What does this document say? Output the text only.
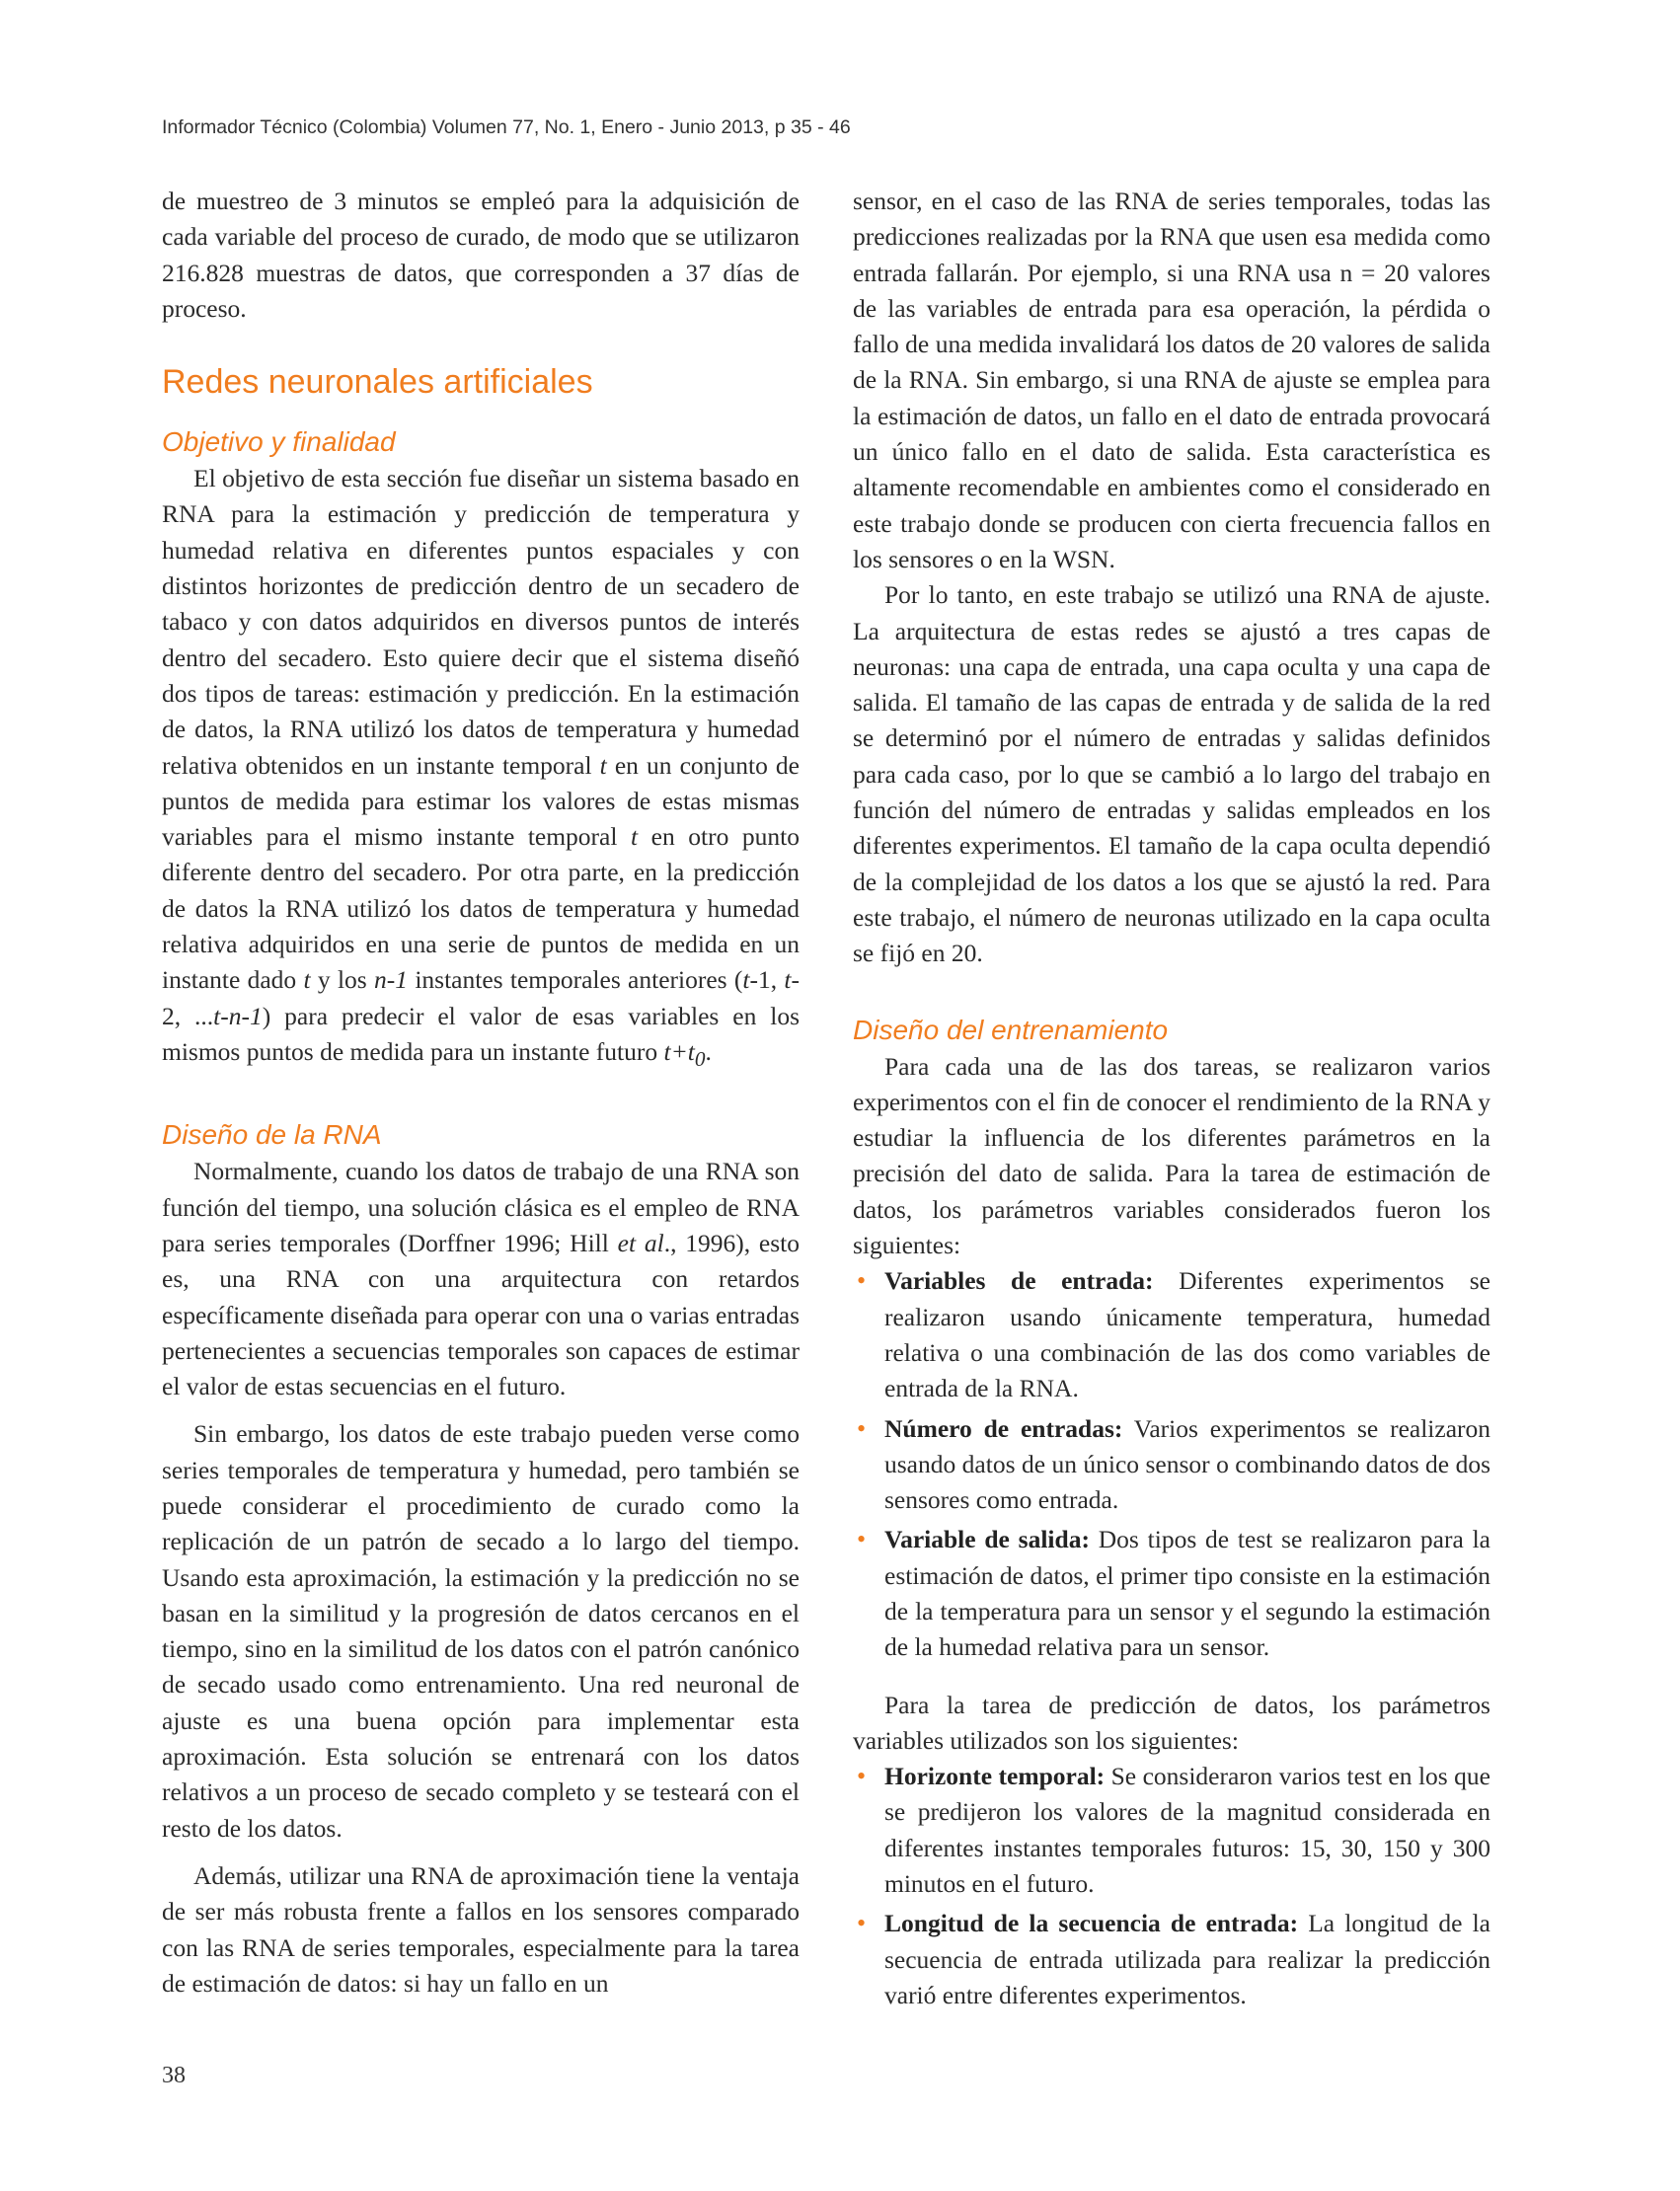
Informador Técnico (Colombia) Volumen 77, No. 1, Enero - Junio 2013, p 35 - 46

de muestreo de 3 minutos se empleó para la adquisición de cada variable del proceso de curado, de modo que se utilizaron 216.828 muestras de datos, que corresponden a 37 días de proceso.

Redes neuronales artificiales
Objetivo y finalidad

El objetivo de esta sección fue diseñar un sistema basado en RNA para la estimación y predicción de temperatura y humedad relativa en diferentes puntos espaciales y con distintos horizontes de predicción dentro de un secadero de tabaco y con datos adquiridos en diversos puntos de interés dentro del secadero. Esto quiere decir que el sistema diseñó dos tipos de tareas: estimación y predicción. En la estimación de datos, la RNA utilizó los datos de temperatura y humedad relativa obtenidos en un instante temporal t en un conjunto de puntos de medida para estimar los valores de estas mismas variables para el mismo instante temporal t en otro punto diferente dentro del secadero. Por otra parte, en la predicción de datos la RNA utilizó los datos de temperatura y humedad relativa adquiridos en una serie de puntos de medida en un instante dado t y los n-1 instantes temporales anteriores (t-1, t-2, ...t-n-1) para predecir el valor de esas variables en los mismos puntos de medida para un instante futuro $t+t_0$.

Diseño de la RNA

Normalmente, cuando los datos de trabajo de una RNA son función del tiempo, una solución clásica es el empleo de RNA para series temporales (Dorffner 1996; Hill et al., 1996), esto es, una RNA con una arquitectura con retardos específicamente diseñada para operar con una o varias entradas pertenecientes a secuencias temporales son capaces de estimar el valor de estas secuencias en el futuro.

Sin embargo, los datos de este trabajo pueden verse como series temporales de temperatura y humedad, pero también se puede considerar el procedimiento de curado como la replicación de un patrón de secado a lo largo del tiempo. Usando esta aproximación, la estimación y la predicción no se basan en la similitud y la progresión de datos cercanos en el tiempo, sino en la similitud de los datos con el patrón canónico de secado usado como entrenamiento. Una red neuronal de ajuste es una buena opción para implementar esta aproximación. Esta solución se entrenará con los datos relativos a un proceso de secado completo y se testeará con el resto de los datos.

Además, utilizar una RNA de aproximación tiene la ventaja de ser más robusta frente a fallos en los sensores comparado con las RNA de series temporales, especialmente para la tarea de estimación de datos: si hay un fallo en un

sensor, en el caso de las RNA de series temporales, todas las predicciones realizadas por la RNA que usen esa medida como entrada fallarán. Por ejemplo, si una RNA usa n = 20 valores de las variables de entrada para esa operación, la pérdida o fallo de una medida invalidará los datos de 20 valores de salida de la RNA. Sin embargo, si una RNA de ajuste se emplea para la estimación de datos, un fallo en el dato de entrada provocará un único fallo en el dato de salida. Esta característica es altamente recomendable en ambientes como el considerado en este trabajo donde se producen con cierta frecuencia fallos en los sensores o en la WSN.

Por lo tanto, en este trabajo se utilizó una RNA de ajuste. La arquitectura de estas redes se ajustó a tres capas de neuronas: una capa de entrada, una capa oculta y una capa de salida. El tamaño de las capas de entrada y de salida de la red se determinó por el número de entradas y salidas definidos para cada caso, por lo que se cambió a lo largo del trabajo en función del número de entradas y salidas empleados en los diferentes experimentos. El tamaño de la capa oculta dependió de la complejidad de los datos a los que se ajustó la red. Para este trabajo, el número de neuronas utilizado en la capa oculta se fijó en 20.

Diseño del entrenamiento

Para cada una de las dos tareas, se realizaron varios experimentos con el fin de conocer el rendimiento de la RNA y estudiar la influencia de los diferentes parámetros en la precisión del dato de salida. Para la tarea de estimación de datos, los parámetros variables considerados fueron los siguientes:

• Variables de entrada: Diferentes experimentos se realizaron usando únicamente temperatura, humedad relativa o una combinación de las dos como variables de entrada de la RNA.
• Número de entradas: Varios experimentos se realizaron usando datos de un único sensor o combinando datos de dos sensores como entrada.
• Variable de salida: Dos tipos de test se realizaron para la estimación de datos, el primer tipo consiste en la estimación de la temperatura para un sensor y el segundo la estimación de la humedad relativa para un sensor.

Para la tarea de predicción de datos, los parámetros variables utilizados son los siguientes:

• Horizonte temporal: Se consideraron varios test en los que se predijeron los valores de la magnitud considerada en diferentes instantes temporales futuros: 15, 30, 150 y 300 minutos en el futuro.
• Longitud de la secuencia de entrada: La longitud de la secuencia de entrada utilizada para realizar la predicción varió entre diferentes experimentos.
38
